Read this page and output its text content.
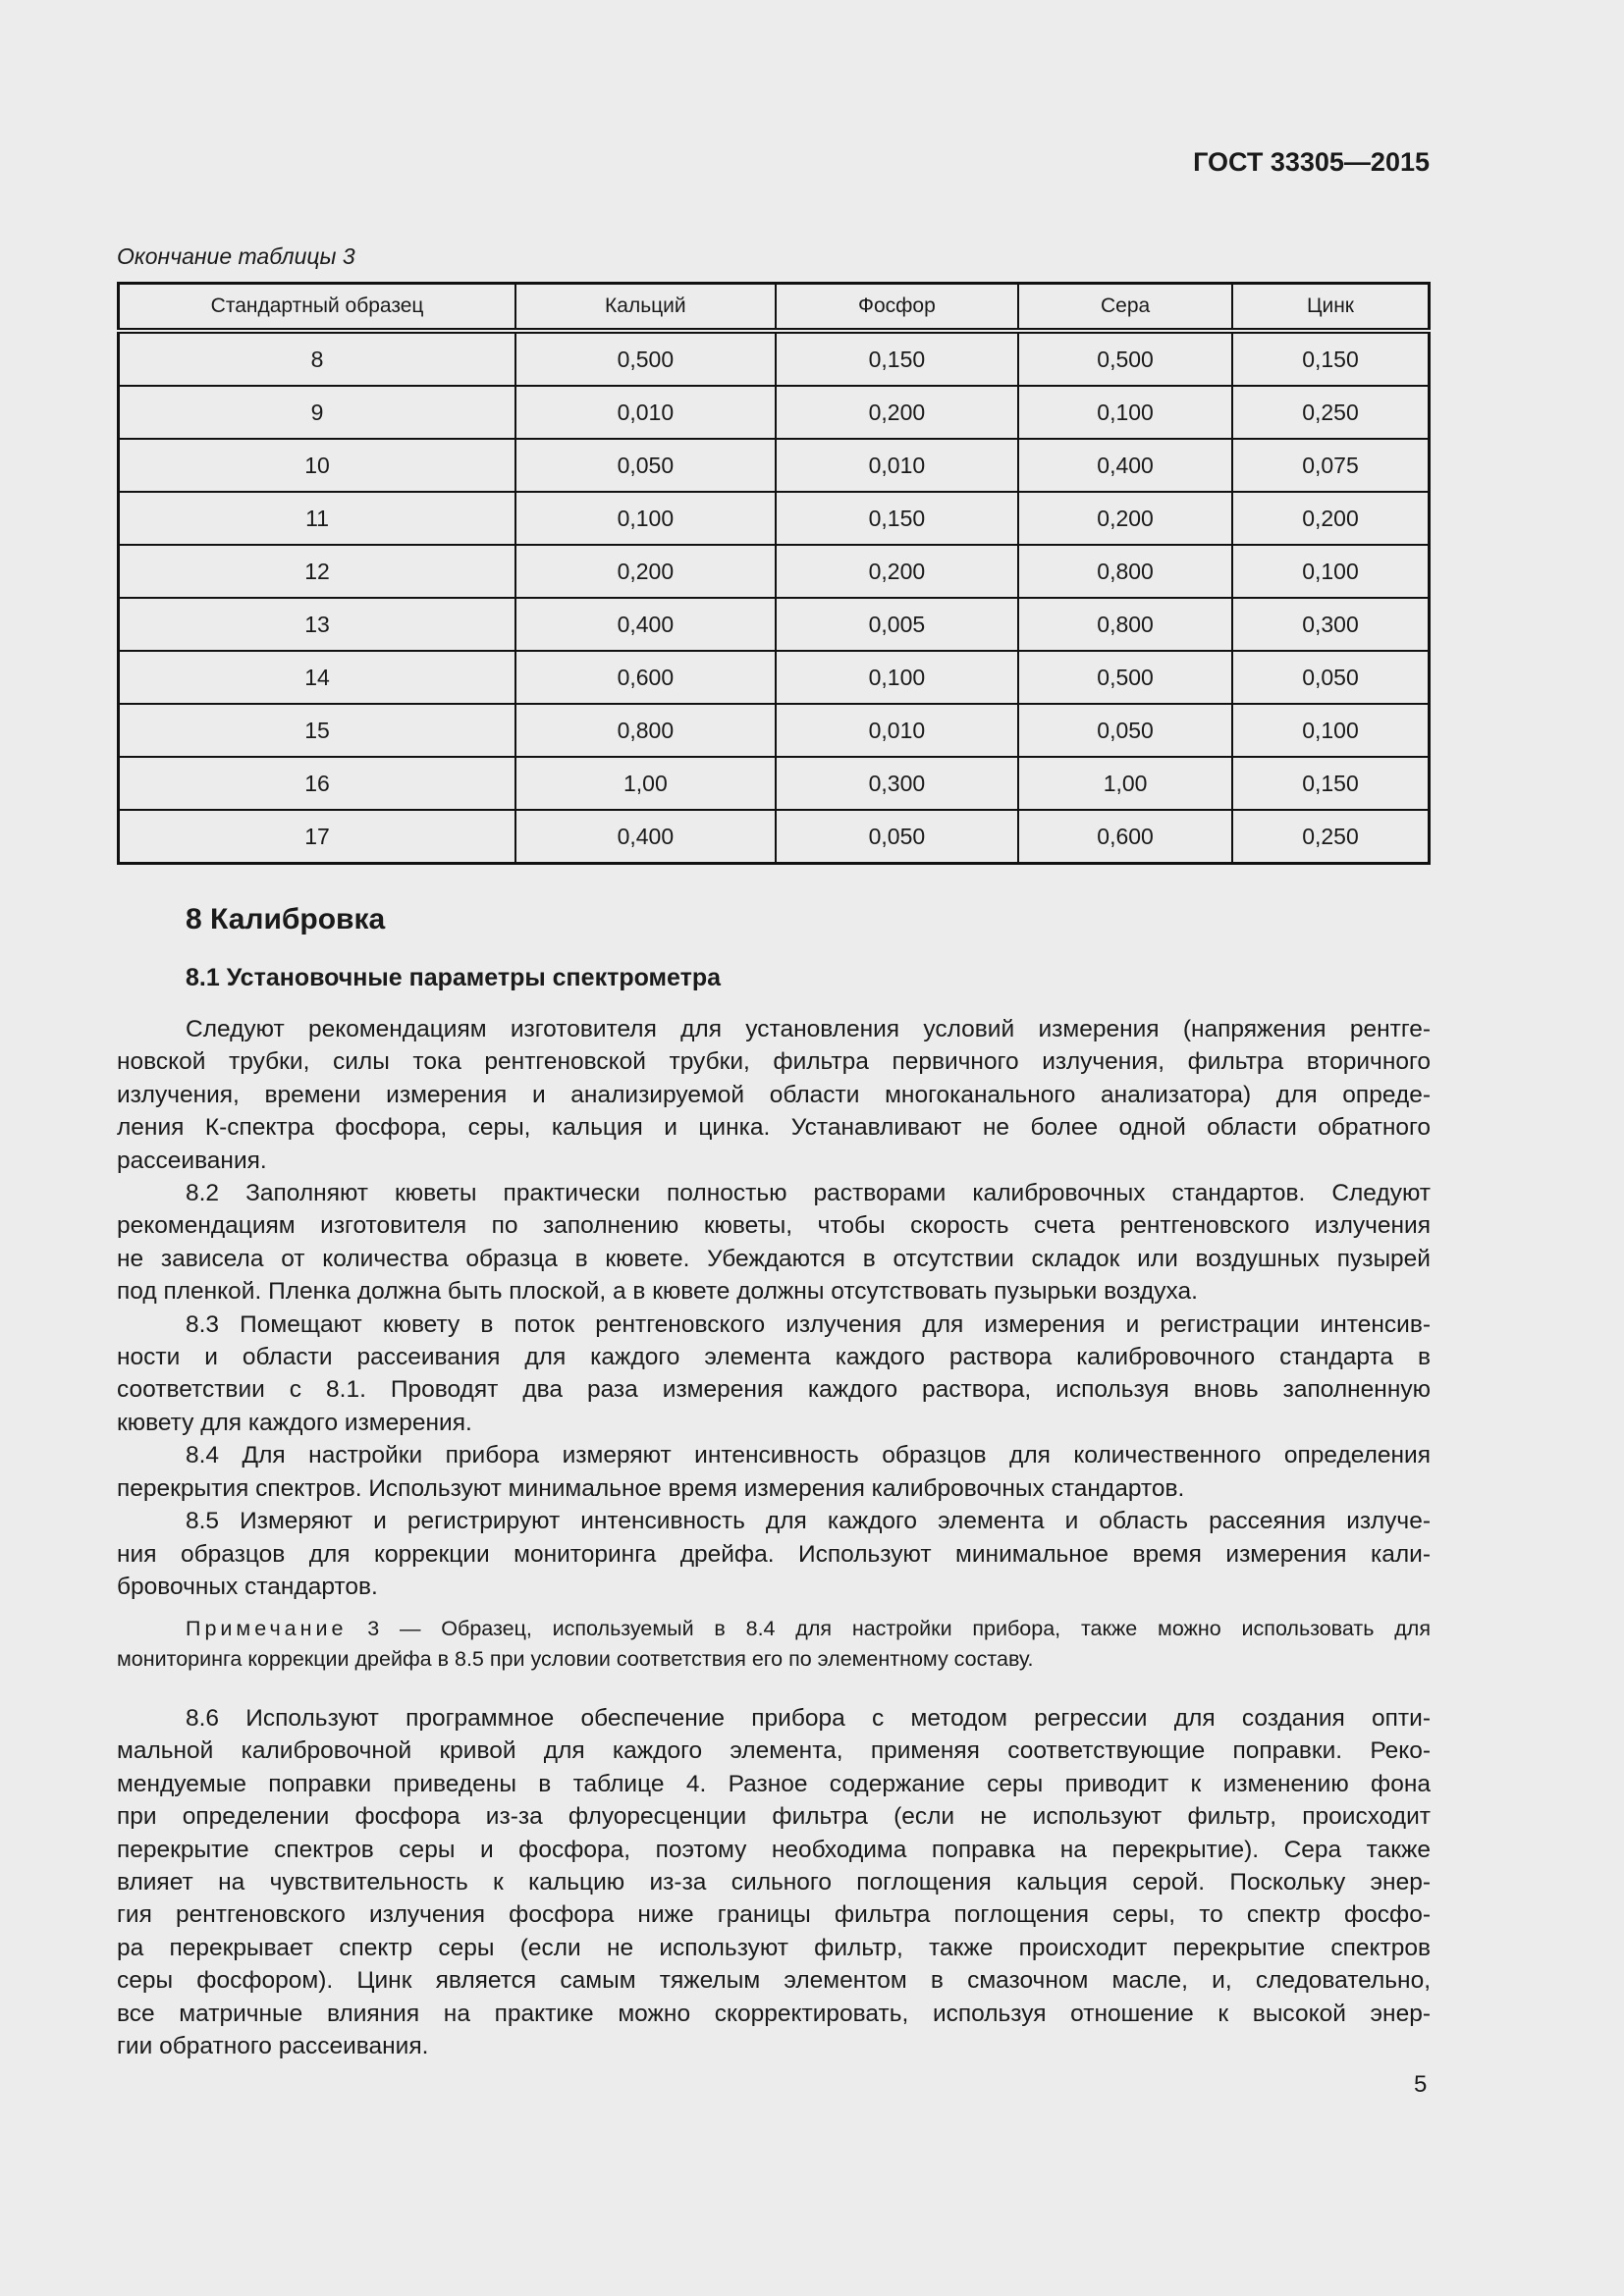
ГОСТ 33305—2015
Окончание таблицы 3
Стандартный образец	Кальций	Фосфор	Сера	Цинк
8	0,500	0,150	0,500	0,150
9	0,010	0,200	0,100	0,250
10	0,050	0,010	0,400	0,075
11	0,100	0,150	0,200	0,200
12	0,200	0,200	0,800	0,100
13	0,400	0,005	0,800	0,300
14	0,600	0,100	0,500	0,050
15	0,800	0,010	0,050	0,100
16	1,00	0,300	1,00	0,150
17	0,400	0,050	0,600	0,250
8 Калибровка
8.1 Установочные параметры спектрометра
Следуют рекомендациям изготовителя для установления условий измерения (напряжения рентге-
новской трубки, силы тока рентгеновской трубки, фильтра первичного излучения, фильтра вторичного
излучения, времени измерения и анализируемой области многоканального анализатора) для опреде-
ления К-спектра фосфора, серы, кальция и цинка. Устанавливают не более одной области обратного
рассеивания.
8.2 Заполняют кюветы практически полностью растворами калибровочных стандартов. Следуют
рекомендациям изготовителя по заполнению кюветы, чтобы скорость счета рентгеновского излучения
не зависела от количества образца в кювете. Убеждаются в отсутствии складок или воздушных пузырей
под пленкой. Пленка должна быть плоской, а в кювете должны отсутствовать пузырьки воздуха.
8.3 Помещают кювету в поток рентгеновского излучения для измерения и регистрации интенсив-
ности и области рассеивания для каждого элемента каждого раствора калибровочного стандарта в
соответствии с 8.1. Проводят два раза измерения каждого раствора, используя вновь заполненную
кювету для каждого измерения.
8.4 Для настройки прибора измеряют интенсивность образцов для количественного определения
перекрытия спектров. Используют минимальное время измерения калибровочных стандартов.
8.5 Измеряют и регистрируют интенсивность для каждого элемента и область рассеяния излуче-
ния образцов для коррекции мониторинга дрейфа. Используют минимальное время измерения кали-
бровочных стандартов.
Примечание 3 — Образец, используемый в 8.4 для настройки прибора, также можно использовать для
мониторинга коррекции дрейфа в 8.5 при условии соответствия его по элементному составу.
8.6 Используют программное обеспечение прибора с методом регрессии для создания опти-
мальной калибровочной кривой для каждого элемента, применяя соответствующие поправки. Реко-
мендуемые поправки приведены в таблице 4. Разное содержание серы приводит к изменению фона
при определении фосфора из-за флуоресценции фильтра (если не используют фильтр, происходит
перекрытие спектров серы и фосфора, поэтому необходима поправка на перекрытие). Сера также
влияет на чувствительность к кальцию из-за сильного поглощения кальция серой. Поскольку энер-
гия рентгеновского излучения фосфора ниже границы фильтра поглощения серы, то спектр фосфо-
ра перекрывает спектр серы (если не используют фильтр, также происходит перекрытие спектров
серы фосфором). Цинк является самым тяжелым элементом в смазочном масле, и, следовательно,
все матричные влияния на практике можно скорректировать, используя отношение к высокой энер-
гии обратного рассеивания.
5
